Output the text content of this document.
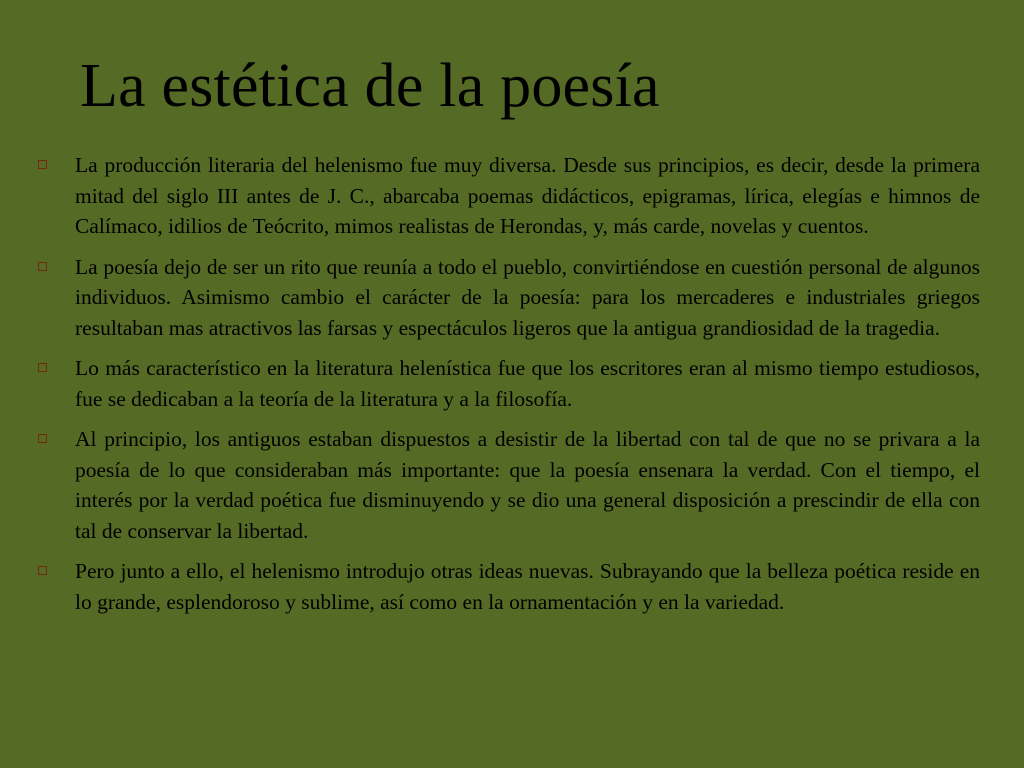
La estética de la poesía
La producción literaria del helenismo fue muy diversa. Desde sus principios, es decir, desde la primera mitad del siglo III antes de J. C., abarcaba poemas didácticos, epigramas, lírica, elegías e himnos de Calímaco, idilios de Teócrito, mimos realistas de Herondas, y, más carde, novelas y cuentos.
La poesía dejo de ser un rito que reunía a todo el pueblo, convirtiéndose en cuestión personal de algunos individuos. Asimismo cambio el carácter de la poesía: para los mercaderes e industriales griegos resultaban mas atractivos las farsas y espectáculos ligeros que la antigua grandiosidad de la tragedia.
Lo más característico en la literatura helenística fue que los escritores eran al mismo tiempo estudiosos, fue se dedicaban a la teoría de la literatura y a la filosofía.
Al principio, los antiguos estaban dispuestos a desistir de la libertad con tal de que no se privara a la poesía de lo que consideraban más importante: que la poesía ensenara la verdad. Con el tiempo, el interés por la verdad poética fue disminuyendo y se dio una general disposición a prescindir de ella con tal de conservar la libertad.
Pero junto a ello, el helenismo introdujo otras ideas nuevas. Subrayando que la belleza poética reside en lo grande, esplendoroso y sublime, así como en la ornamentación y en la variedad.
